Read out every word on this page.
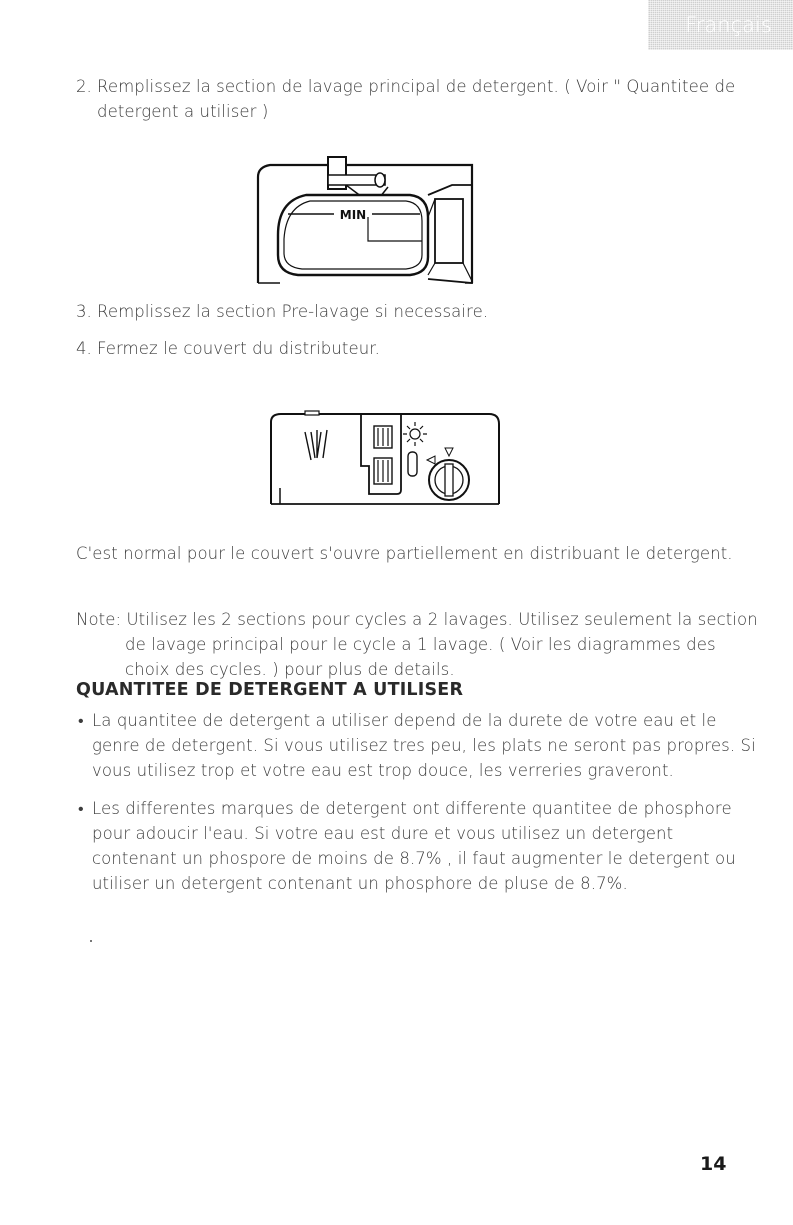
Français
2. Remplissez la section de lavage principal de detergent. ( Voir " Quantitee de
detergent a utiliser )
MIN
3. Remplissez la section Pre-lavage si necessaire.
4. Fermez le couvert du distributeur.
C'est normal pour le couvert s'ouvre partiellement en distribuant le detergent.
Note: Utilisez les 2 sections pour cycles a 2 lavages. Utilisez seulement la section
de lavage principal pour le cycle a 1 lavage. ( Voir les diagrammes des
choix des cycles. ) pour plus de details.
QUANTITEE DE DETERGENT A UTILISER
• La quantitee de detergent a utiliser depend de la durete de votre eau et le
genre de detergent. Si vous utilisez tres peu, les plats ne seront pas propres. Si
vous utilisez trop et votre eau est trop douce, les verreries graveront.
• Les differentes marques de detergent ont differente quantitee de phosphore
pour adoucir l'eau. Si votre eau est dure et vous utilisez un detergent
contenant un phospore de moins de 8.7% , il faut augmenter le detergent ou
utiliser un detergent contenant un phosphore de pluse de 8.7%.
14
